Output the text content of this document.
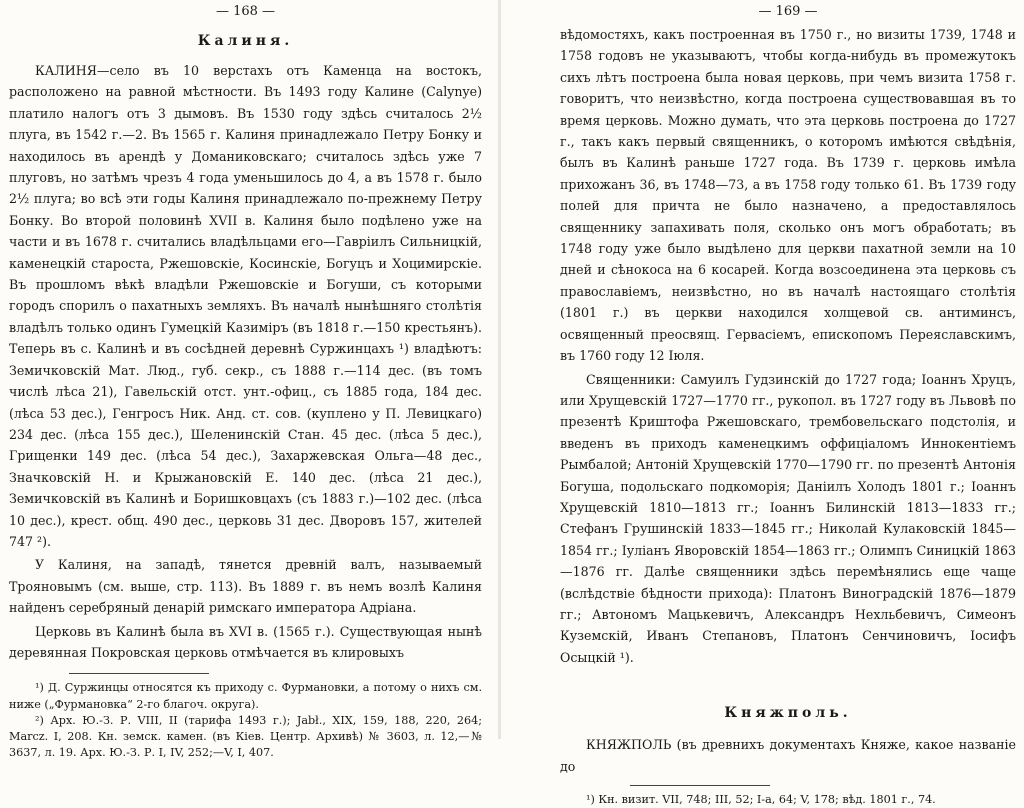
— 168 —
Калиня.

КАЛИНЯ—село въ 10 верстахъ отъ Каменца на востокъ, расположено на равной мѣстности. Въ 1493 году Калине (Calynye) платило налогъ отъ 3 дымовъ. Въ 1530 году здѣсь считалось 2½ плуга, въ 1542 г.—2. Въ 1565 г. Калиня принадлежало Петру Бонку и находилось въ арендѣ у Доманиковскаго; считалось здѣсь уже 7 плуговъ, но затѣмъ чрезъ 4 года уменьшилось до 4, а въ 1578 г. было 2½ плуга; во всѣ эти годы Калиня принадлежало по-прежнему Петру Бонку. Во второй половинѣ XVII в. Калиня было подѣлено уже на части и въ 1678 г. считались владѣльцами его—Гавріилъ Сильницкій, каменецкій староста, Ржешовскіе, Косинскіе, Богуцъ и Хоцимирскіе. Въ прошломъ вѣкѣ владѣли Ржешовскіе и Богуши, съ которыми городъ спорилъ о пахатныхъ земляхъ. Въ началѣ нынѣшняго столѣтія владѣлъ только одинъ Гумецкій Казиміръ (въ 1818 г.—150 крестьянъ). Теперь въ с. Калинѣ и въ сосѣдней деревнѣ Суржинцахъ ¹) владѣютъ: Земичковскій Мат. Люд., губ. секр., съ 1888 г.—114 дес. (въ томъ числѣ лѣса 21), Гавельскій отст. унт.-офиц., съ 1885 года, 184 дес. (лѣса 53 дес.), Генгросъ Ник. Анд. ст. сов. (куплено у П. Левицкаго) 234 дес. (лѣса 155 дес.), Шеленинскій Стан. 45 дес. (лѣса 5 дес.), Грищенки 149 дес. (лѣса 54 дес.), Захаржевская Ольга—48 дес., Значковскій Н. и Крыжановскій Е. 140 дес. (лѣса 21 дес.), Земичковскій въ Калинѣ и Боришковцахъ (съ 1883 г.)—102 дес. (лѣса 10 дес.), крест. общ. 490 дес., церковь 31 дес. Дворовъ 157, жителей 747 ²).

У Калиня, на западѣ, тянется древній валъ, называемый Трояновымъ (см. выше, стр. 113). Въ 1889 г. въ немъ возлѣ Калиня найденъ серебряный денарій римскаго императора Адріана.

Церковь въ Калинѣ была въ XVI в. (1565 г.). Существующая нынѣ деревянная Покровская церковь отмѣчается въ клировыхъ

¹) Д. Суржинцы относятся къ приходу с. Фурмановки, а потому о нихъ см. ниже („Фурмановка“ 2-го благоч. округа).

²) Арх. Ю.-З. Р. VIII, II (тарифа 1493 г.); Jabł., XIX, 159, 188, 220, 264; Marcz. I, 208. Кн. земск. камен. (въ Кіев. Центр. Архивѣ) № 3603, л. 12,—№ 3637, л. 19. Арх. Ю.-З. Р. I, IV, 252;—V, I, 407.

— 169 —

вѣдомостяхъ, какъ построенная въ 1750 г., но визиты 1739, 1748 и 1758 годовъ не указываютъ, чтобы когда-нибудь въ промежутокъ сихъ лѣтъ построена была новая церковь, при чемъ визита 1758 г. говоритъ, что неизвѣстно, когда построена существовавшая въ то время церковь. Можно думать, что эта церковь построена до 1727 г., такъ какъ первый священникъ, о которомъ имѣются свѣдѣнія, былъ въ Калинѣ раньше 1727 года. Въ 1739 г. церковь имѣла прихожанъ 36, въ 1748—73, а въ 1758 году только 61. Въ 1739 году полей для причта не было назначено, а предоставлялось священнику запахивать поля, сколько онъ могъ обработать; въ 1748 году уже было выдѣлено для церкви пахатной земли на 10 дней и сѣнокоса на 6 косарей. Когда возсоединена эта церковь съ православіемъ, неизвѣстно, но въ началѣ настоящаго столѣтія (1801 г.) въ церкви находился холщевой св. антиминсъ, освященный преосвящ. Гервасіемъ, епископомъ Переяславскимъ, въ 1760 году 12 Іюля.

Священники: Самуилъ Гудзинскій до 1727 года; Іоаннъ Хруцъ, или Хрущевскій 1727—1770 гг., рукопол. въ 1727 году въ Львовѣ по презентѣ Криштофа Ржешовскаго, трембовельскаго подстолія, и введенъ въ приходъ каменецкимъ оффиціаломъ Иннокентіемъ Рымбалой; Антоній Хрущевскій 1770—1790 гг. по презентѣ Антонія Богуша, подольскаго подкоморія; Даніилъ Холодъ 1801 г.; Іоаннъ Хрущевскій 1810—1813 гг.; Іоаннъ Билинскій 1813—1833 гг.; Стефанъ Грушинскій 1833—1845 гг.; Николай Кулаковскій 1845—1854 гг.; Іуліанъ Яворовскій 1854—1863 гг.; Олимпъ Синицкій 1863—1876 гг. Далѣе священники здѣсь перемѣнялись еще чаще (вслѣдствіе бѣдности прихода): Платонъ Виноградскій 1876—1879 гг.; Автономъ Мацькевичъ, Александръ Нехльбевичъ, Симеонъ Куземскій, Иванъ Степановъ, Платонъ Сенчиновичъ, Іосифъ Осыцкій ¹).

Княжполь.

КНЯЖПОЛЬ (въ древнихъ документахъ Княже, какое названіе до

¹) Кн. визит. VII, 748; III, 52; I-a, 64; V, 178; вѣд. 1801 г., 74.
